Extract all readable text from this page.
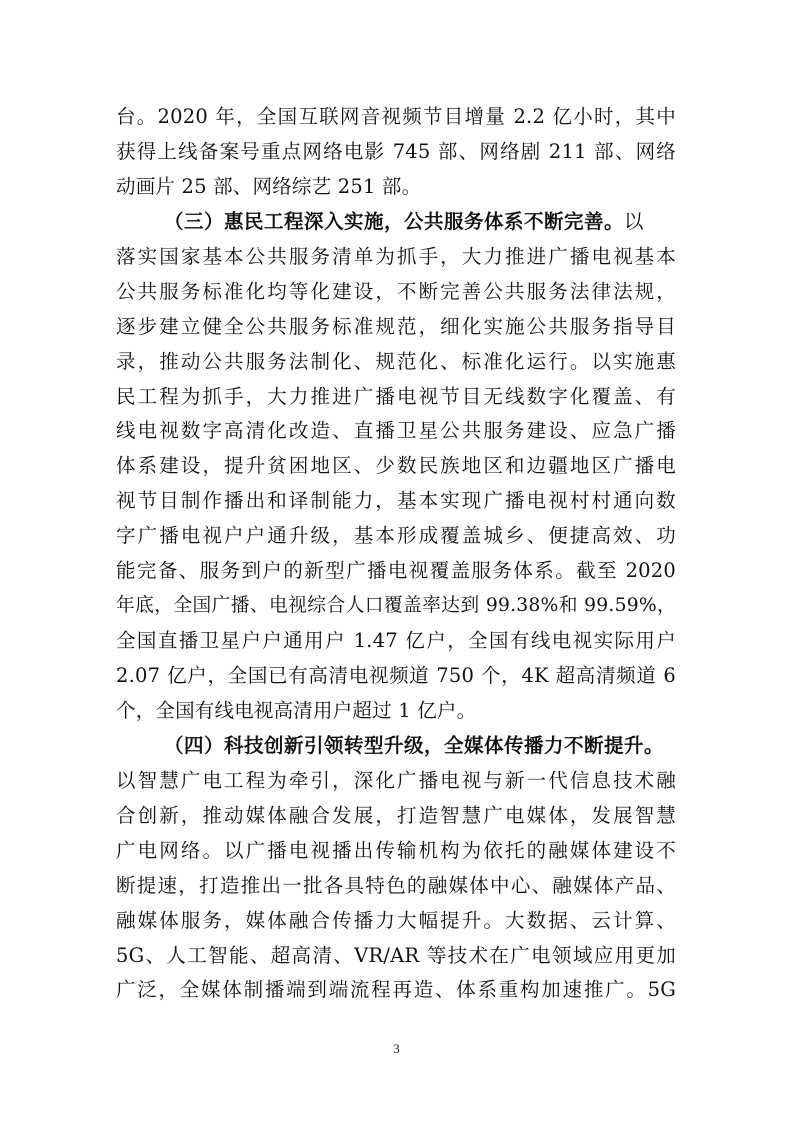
台。2020 年，全国互联网音视频节目增量 2.2 亿小时，其中
获得上线备案号重点网络电影 745 部、网络剧 211 部、网络
动画片 25 部、网络综艺 251 部。
（三）惠民工程深入实施，公共服务体系不断完善。以
落实国家基本公共服务清单为抓手，大力推进广播电视基本
公共服务标准化均等化建设，不断完善公共服务法律法规，
逐步建立健全公共服务标准规范，细化实施公共服务指导目
录，推动公共服务法制化、规范化、标准化运行。以实施惠
民工程为抓手，大力推进广播电视节目无线数字化覆盖、有
线电视数字高清化改造、直播卫星公共服务建设、应急广播
体系建设，提升贫困地区、少数民族地区和边疆地区广播电
视节目制作播出和译制能力，基本实现广播电视村村通向数
字广播电视户户通升级，基本形成覆盖城乡、便捷高效、功
能完备、服务到户的新型广播电视覆盖服务体系。截至 2020
年底，全国广播、电视综合人口覆盖率达到 99.38%和 99.59%，
全国直播卫星户户通用户 1.47 亿户，全国有线电视实际用户
2.07 亿户，全国已有高清电视频道 750 个，4K 超高清频道 6
个，全国有线电视高清用户超过 1 亿户。
（四）科技创新引领转型升级，全媒体传播力不断提升。
以智慧广电工程为牵引，深化广播电视与新一代信息技术融
合创新，推动媒体融合发展，打造智慧广电媒体，发展智慧
广电网络。以广播电视播出传输机构为依托的融媒体建设不
断提速，打造推出一批各具特色的融媒体中心、融媒体产品、
融媒体服务，媒体融合传播力大幅提升。大数据、云计算、
5G、人工智能、超高清、VR/AR 等技术在广电领域应用更加
广泛，全媒体制播端到端流程再造、体系重构加速推广。5G
3
